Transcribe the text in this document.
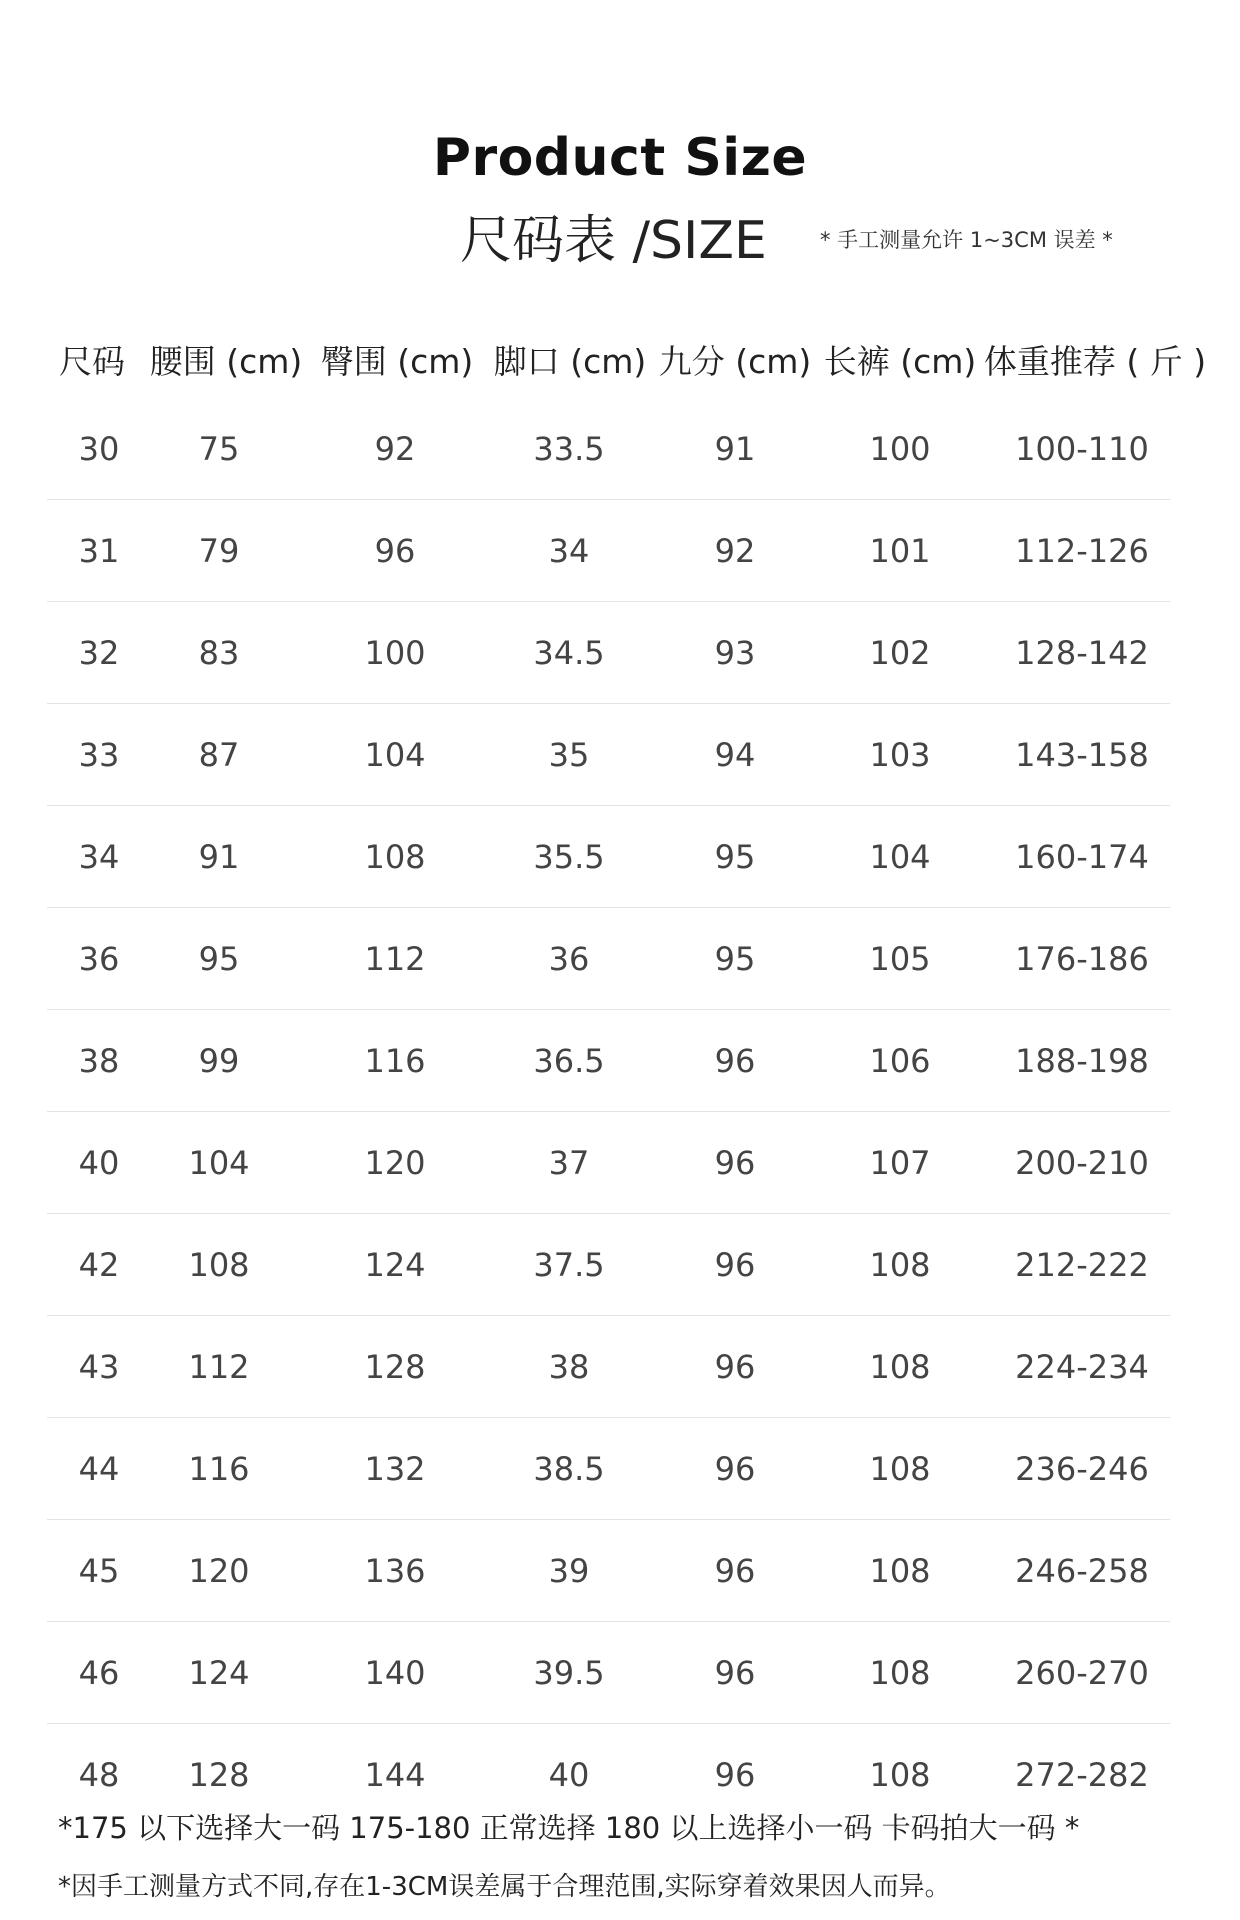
Product Size
尺码表 /SIZE	* 手工测量允许 1~3CM 误差 *
尺码 腰围 (cm) 臀围 (cm) 脚口 (cm) 九分 (cm) 长裤 (cm) 体重推荐 ( 斤 )
30 75	92	33.5	91	100	100-110
31 79	96	34	92	101	112-126
32 83	100	34.5	93	102	128-142
33 87	104	35	94	103	143-158
34 91	108	35.5	95	104	160-174
36 95	112	36	95	105	176-186
38 99	116	36.5	96	106	188-198
40 104	120	37	96	107	200-210
42 108	124	37.5	96	108	212-222
43 112	128	38	96	108	224-234
44 116	132	38.5	96	108	236-246
45 120	136	39	96	108	246-258
46 124	140	39.5	96	108	260-270
48 128	144	40	96	108	272-282
*175 以下选择大一码 175-180 正常选择 180 以上选择小一码 卡码拍大一码 *
*因手工测量方式不同,存在1-3CM误差属于合理范围,实际穿着效果因人而异。
